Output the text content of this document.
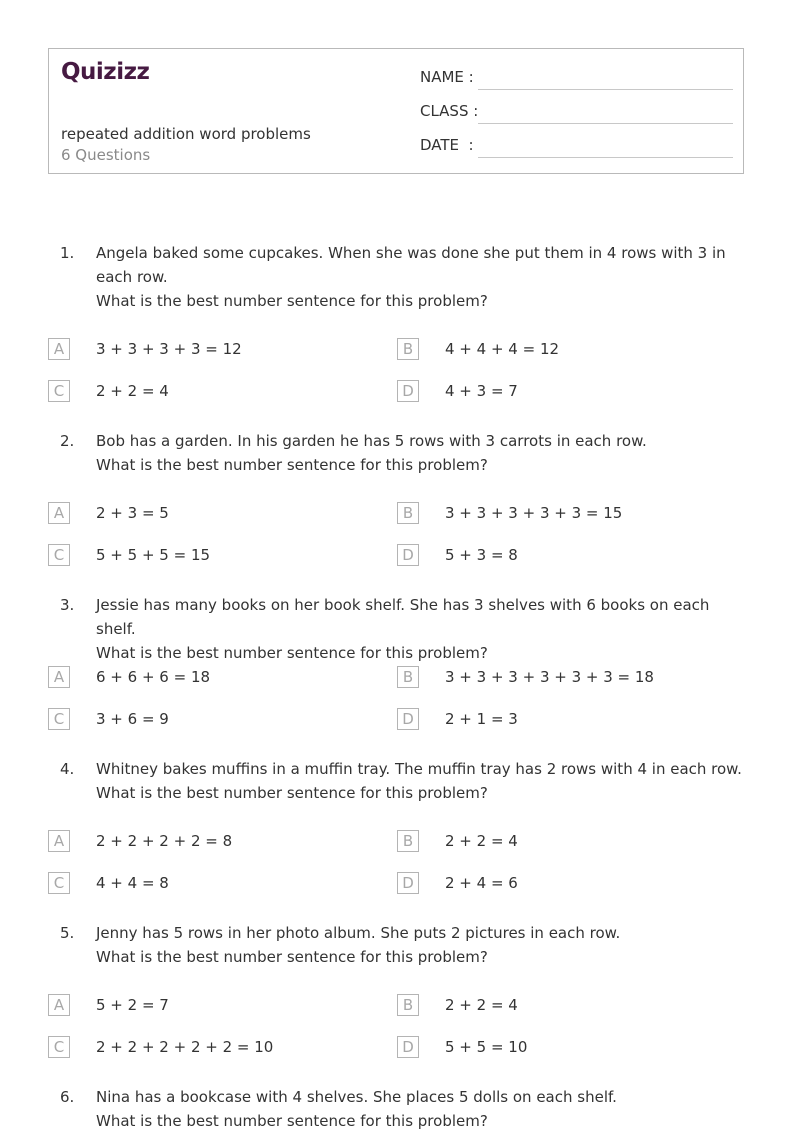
Quizizz
repeated addition word problems
6 Questions
NAME :
CLASS :
DATE  :
1. Angela baked some cupcakes. When she was done she put them in 4 rows with 3 in each row.
What is the best number sentence for this problem?
A	3 + 3 + 3 + 3 = 12	B	4 + 4 + 4 = 12
C	2 + 2 = 4	D	4 + 3 = 7
2. Bob has a garden. In his garden he has 5 rows with 3 carrots in each row.
What is the best number sentence for this problem?
A	2 + 3 = 5	B	3 + 3 + 3 + 3 + 3 = 15
C	5 + 5 + 5 = 15	D	5 + 3 = 8
3. Jessie has many books on her book shelf. She has 3 shelves with 6 books on each shelf.
What is the best number sentence for this problem?
A	6 + 6 + 6 = 18	B	3 + 3 + 3 + 3 + 3 + 3 = 18
C	3 + 6 = 9	D	2 + 1 = 3
4. Whitney bakes muffins in a muffin tray. The muffin tray has 2 rows with 4 in each row.
What is the best number sentence for this problem?
A	2 + 2 + 2 + 2 = 8	B	2 + 2 = 4
C	4 + 4 = 8	D	2 + 4 = 6
5. Jenny has 5 rows in her photo album. She puts 2 pictures in each row.
What is the best number sentence for this problem?
A	5 + 2 = 7	B	2 + 2 = 4
C	2 + 2 + 2 + 2 + 2 = 10	D	5 + 5 = 10
6. Nina has a bookcase with 4 shelves. She places 5 dolls on each shelf.
What is the best number sentence for this problem?
